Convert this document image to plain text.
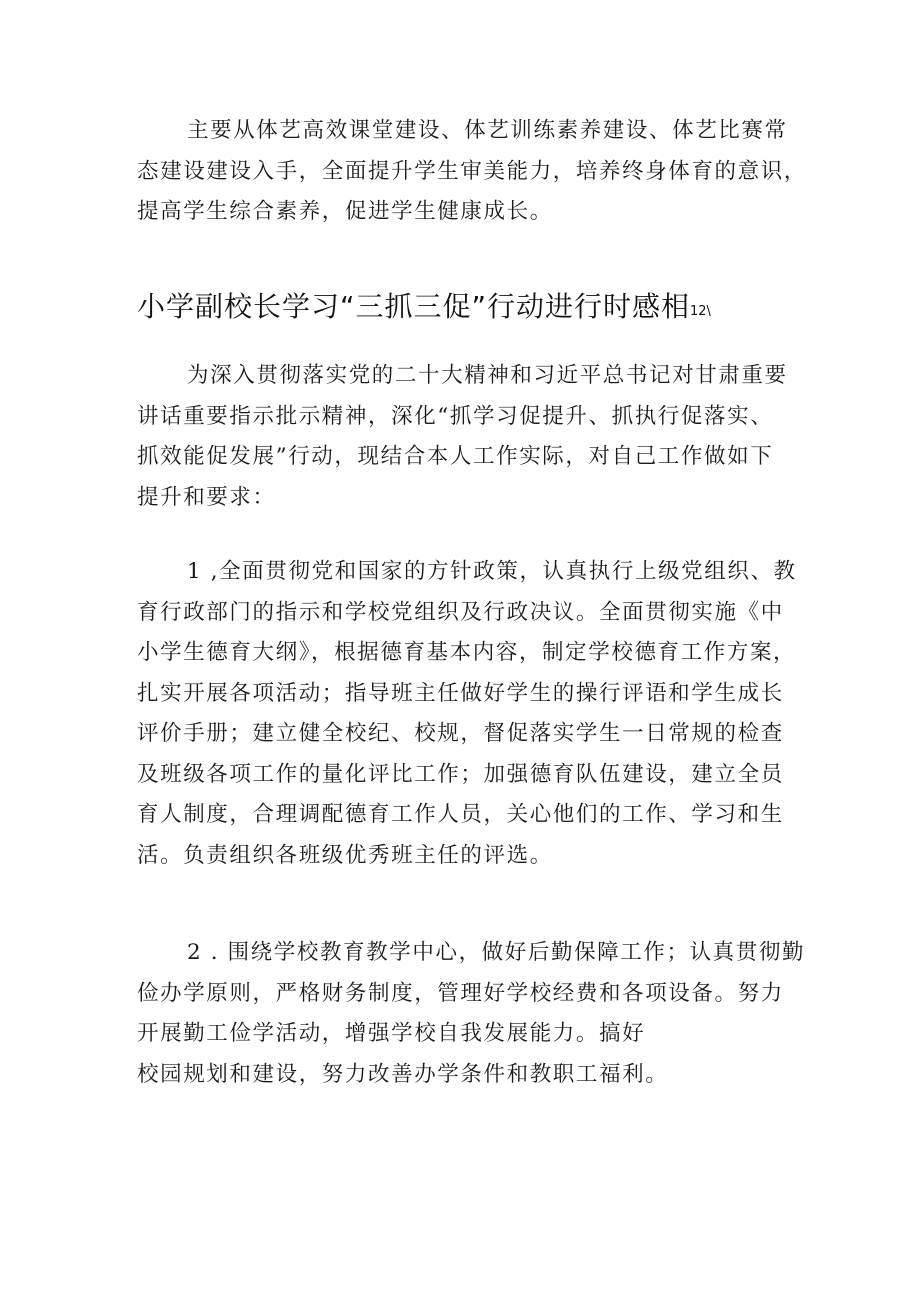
主要从体艺高效课堂建设、体艺训练素养建设、体艺比赛常
态建设建设入手，全面提升学生审美能力，培养终身体育的意识，
提高学生综合素养，促进学生健康成长。

小学副校长学习“三抓三促”行动进行时感相12\

为深入贯彻落实党的二十大精神和习近平总书记对甘肃重要
讲话重要指示批示精神，深化“抓学习促提升、抓执行促落实、
抓效能促发展”行动，现结合本人工作实际，对自己工作做如下
提升和要求：

1 ,全面贯彻党和国家的方针政策，认真执行上级党组织、教
育行政部门的指示和学校党组织及行政决议。全面贯彻实施《中
小学生德育大纲》，根据德育基本内容，制定学校德育工作方案，
扎实开展各项活动；指导班主任做好学生的操行评语和学生成长
评价手册；建立健全校纪、校规，督促落实学生一日常规的检查
及班级各项工作的量化评比工作；加强德育队伍建设，建立全员
育人制度，合理调配德育工作人员，关心他们的工作、学习和生
活。负责组织各班级优秀班主任的评选。

2 . 围绕学校教育教学中心，做好后勤保障工作；认真贯彻勤
俭办学原则，严格财务制度，管理好学校经费和各项设备。努力
开展勤工俭学活动，增强学校自我发展能力。搞好
校园规划和建设，努力改善办学条件和教职工福利。
